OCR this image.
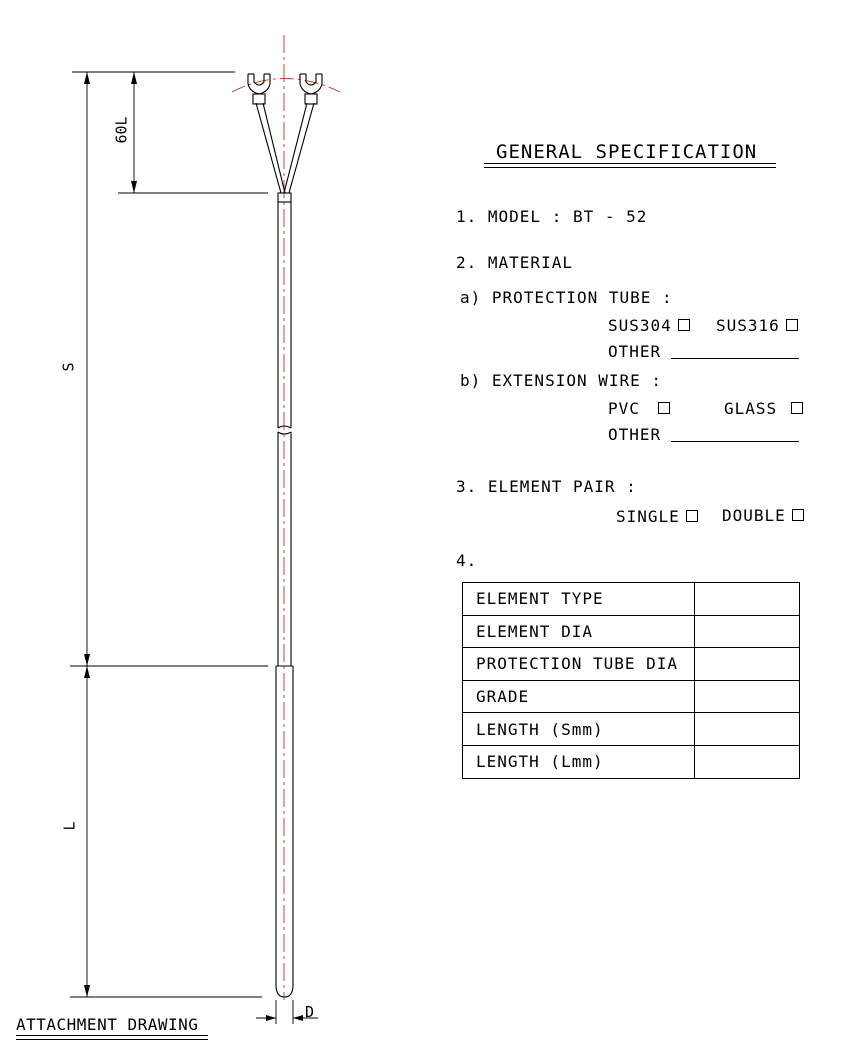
S
L
60L
D
ATTACHMENT DRAWING
GENERAL SPECIFICATION
1. MODEL : BT - 52
2. MATERIAL
a) PROTECTION TUBE :
SUS304	SUS316
OTHER
b) EXTENSION WIRE :
PVC	GLASS
OTHER
3. ELEMENT PAIR :
SINGLE	DOUBLE
4.
ELEMENT TYPE	
ELEMENT DIA	
PROTECTION TUBE DIA	
GRADE	
LENGTH (Smm)	
LENGTH (Lmm)	
